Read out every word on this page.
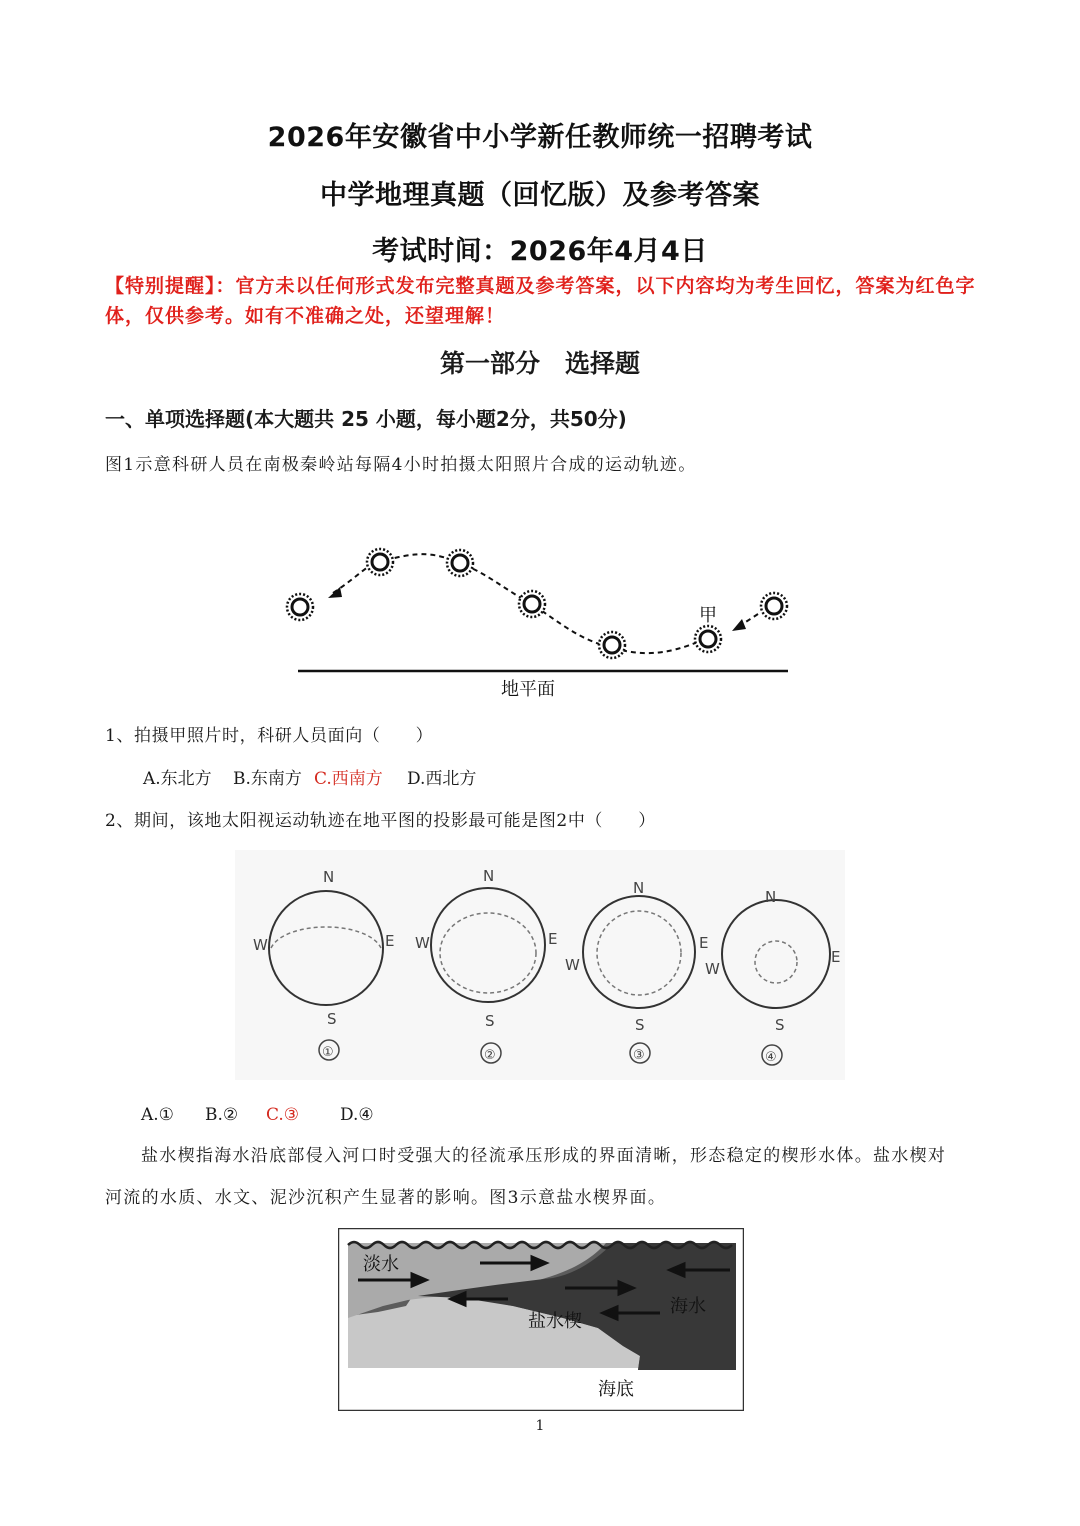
2026年安徽省中小学新任教师统一招聘考试
中学地理真题（回忆版）及参考答案
考试时间：2026年4月4日
【特别提醒】：官方未以任何形式发布完整真题及参考答案，以下内容均为考生回忆，答案为红色字体，仅供参考。如有不准确之处，还望理解！
第一部分　选择题
一、单项选择题(本大题共 25 小题，每小题2分，共50分)
图1示意科研人员在南极秦岭站每隔4小时拍摄太阳照片合成的运动轨迹。
甲
地平面
1、拍摄甲照片时，科研人员面向（　　）
A.东北方 B.东南方 C.西南方 D.西北方
2、期间，该地太阳视运动轨迹在地平图的投影最可能是图2中（　　）
N
E
S
W
①
N
E
S
W
②
N
E
S
W
③
N
E
S
W
④
A.① B.② C.③ D.④
盐水楔指海水沿底部侵入河口时受强大的径流承压形成的界面清晰，形态稳定的楔形水体。盐水楔对
河流的水质、水文、泥沙沉积产生显著的影响。图3示意盐水楔界面。
淡水
海水
盐水楔
海底
1
